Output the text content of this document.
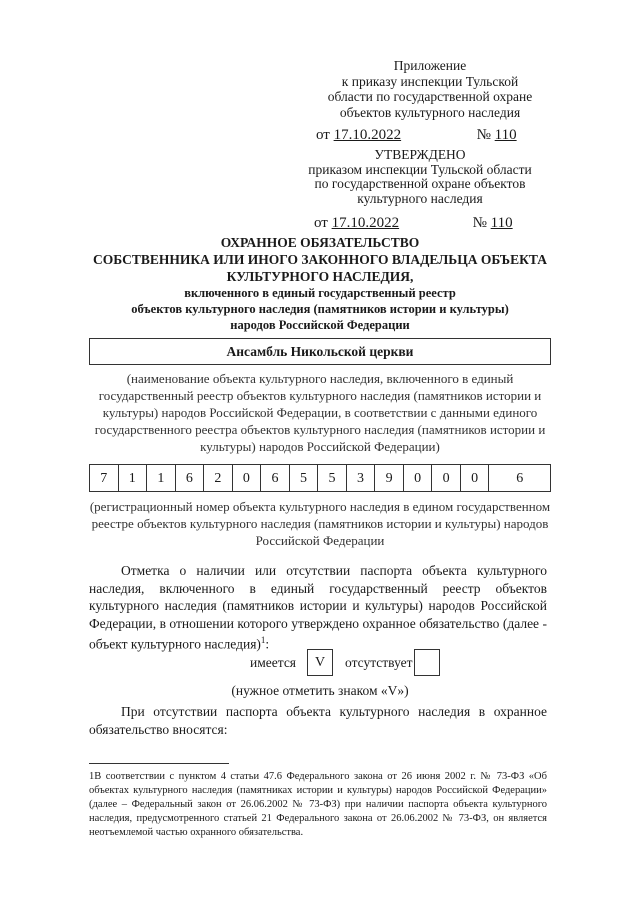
Приложение
к приказу инспекции Тульской
области по государственной охране
объектов культурного наследия
от 17.10.2022	№ 110
УТВЕРЖДЕНО
приказом инспекции Тульской области
по государственной охране объектов
культурного наследия
от 17.10.2022	№ 110
ОХРАННОЕ ОБЯЗАТЕЛЬСТВО
СОБСТВЕННИКА ИЛИ ИНОГО ЗАКОННОГО ВЛАДЕЛЬЦА ОБЪЕКТА
КУЛЬТУРНОГО НАСЛЕДИЯ,
включенного в единый государственный реестр
объектов культурного наследия (памятников истории и культуры)
народов Российской Федерации
Ансамбль Никольской церкви
(наименование объекта культурного наследия, включенного в единый государственный реестр объектов культурного наследия (памятников истории и культуры) народов Российской Федерации, в соответствии с данными единого государственного реестра объектов культурного наследия (памятников истории и культуры) народов Российской Федерации)
7	1	1	6	2	0	6	5	5	3	9	0	0	0	6
(регистрационный номер объекта культурного наследия в едином государственном реестре объектов культурного наследия (памятников истории и культуры) народов Российской Федерации
Отметка о наличии или отсутствии паспорта объекта культурного наследия, включенного в единый государственный реестр объектов культурного наследия (памятников истории и культуры) народов Российской Федерации, в отношении которого утверждено охранное обязательство (далее - объект культурного наследия)$^1$:
имеется	V	отсутствует
(нужное отметить знаком «V»)
При отсутствии паспорта объекта культурного наследия в охранное обязательство вносятся:
1В соответствии с пунктом 4 статьи 47.6 Федерального закона от 26 июня 2002 г. № 73-ФЗ «Об объектах культурного наследия (памятниках истории и культуры) народов Российской Федерации» (далее – Федеральный закон от 26.06.2002 № 73-ФЗ) при наличии паспорта объекта культурного наследия, предусмотренного статьей 21 Федерального закона от 26.06.2002 № 73-ФЗ, он является неотъемлемой частью охранного обязательства.
